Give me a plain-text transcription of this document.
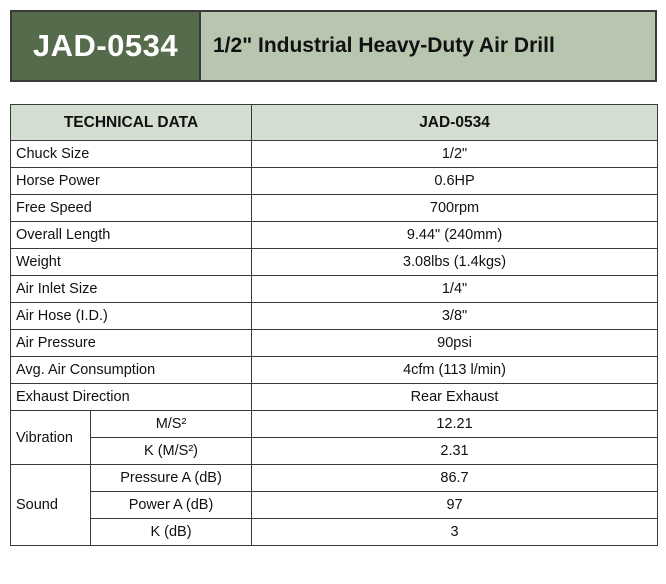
JAD-0534	1/2" Industrial Heavy-Duty Air Drill
TECHNICAL DATA		JAD-0534
Chuck Size		1/2"
Horse Power		0.6HP
Free Speed		700rpm
Overall Length		9.44" (240mm)
Weight		3.08lbs (1.4kgs)
Air Inlet Size		1/4"
Air Hose (I.D.)		3/8"
Air Pressure		90psi
Avg. Air Consumption		4cfm (113 l/min)
Exhaust Direction		Rear Exhaust
Vibration	M/S²	12.21
	K (M/S²)	2.31
Sound	Pressure A (dB)	86.7
	Power A (dB)	97
	K (dB)	3
